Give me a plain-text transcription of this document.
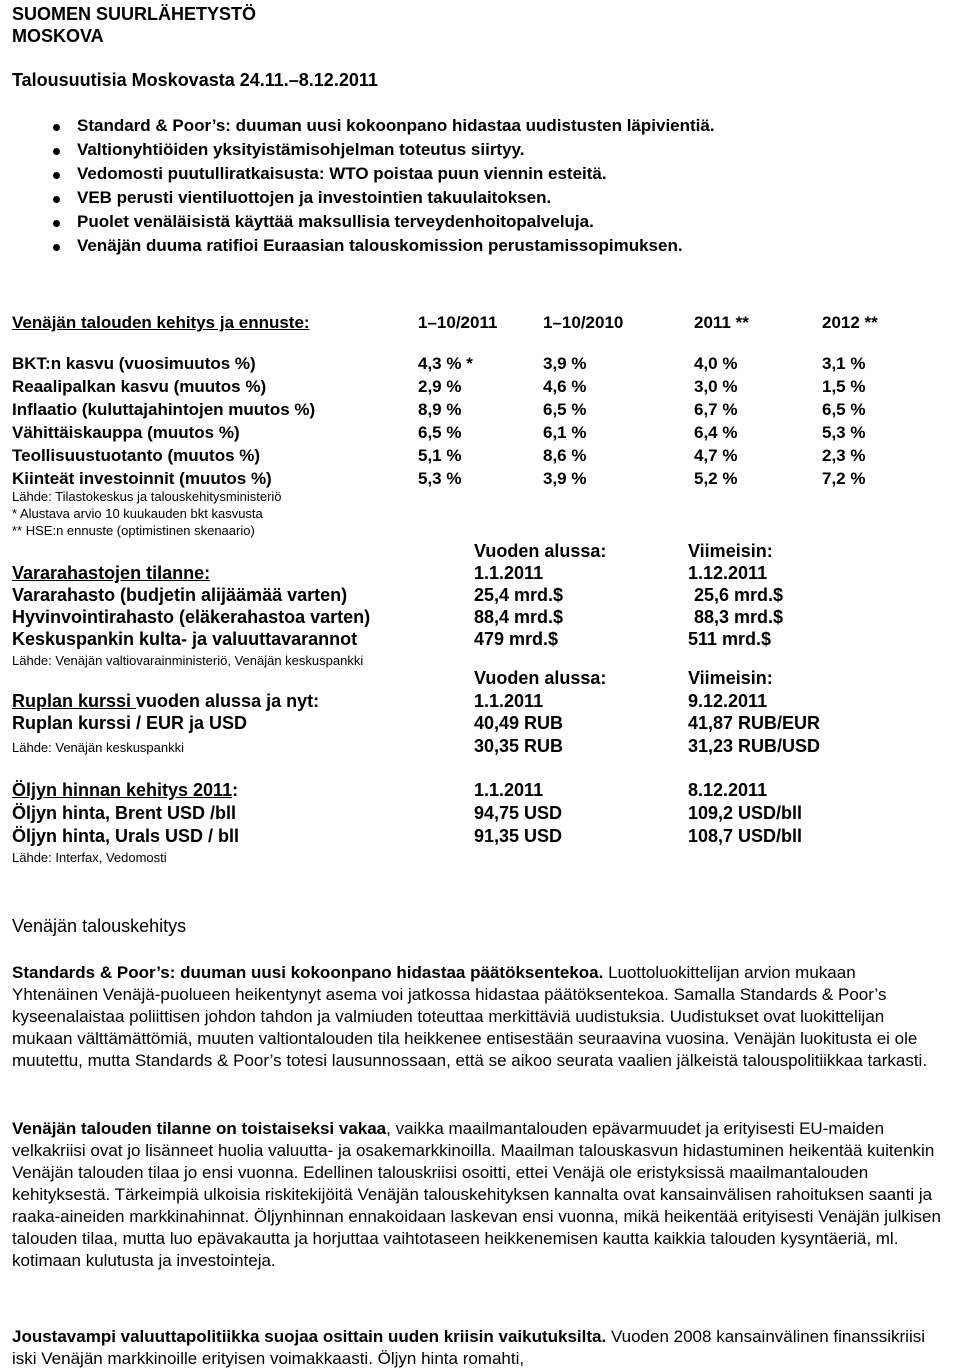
SUOMEN SUURLÄHETYSTÖ
MOSKOVA
Talousuutisia Moskovasta 24.11.–8.12.2011
Standard & Poor’s: duuman uusi kokoonpano hidastaa uudistusten läpivientiä.
Valtionyhtiöiden yksityistämisohjelman toteutus siirtyy.
Vedomosti puutulliratkaisusta: WTO poistaa puun viennin esteitä.
VEB perusti vientiluottojen ja investointien takuulaitoksen.
Puolet venäläisistä käyttää maksullisia terveydenhoitopalveluja.
Venäjän duuma ratifioi Euraasian talouskomission perustamissopimuksen.
Venäjän talouden kehitys ja ennuste:	1–10/2011	1–10/2010	2011 **	2012 **
BKT:n kasvu (vuosimuutos %)	4,3 % *	3,9 %	4,0 %	3,1 %
Reaalipalkan kasvu (muutos %)	2,9 %	4,6 %	3,0 %	1,5 %
Inflaatio (kuluttajahintojen muutos %)	8,9 %	6,5 %	6,7 %	6,5 %
Vähittäiskauppa (muutos %)	6,5 %	6,1 %	6,4 %	5,3 %
Teollisuustuotanto (muutos %)	5,1 %	8,6 %	4,7 %	2,3 %
Kiinteät investoinnit (muutos %)	5,3 %	3,9 %	5,2 %	7,2 %
Lähde: Tilastokeskus ja talouskehitysministeriö
* Alustava arvio 10 kuukauden bkt kasvusta
** HSE:n ennuste (optimistinen skenaario)
Vuoden alussa:	Viimeisin:
Vararahastojen tilanne:	1.1.2011	1.12.2011
Vararahasto (budjetin alijäämää varten)	25,4 mrd.$	25,6 mrd.$
Hyvinvointirahasto (eläkerahastoa varten)	88,4 mrd.$	88,3 mrd.$
Keskuspankin kulta- ja valuuttavarannot	479 mrd.$	511 mrd.$
Lähde: Venäjän valtiovarainministeriö, Venäjän keskuspankki
Vuoden alussa:	Viimeisin:
Ruplan kurssi vuoden alussa ja nyt:	1.1.2011	9.12.2011
Ruplan kurssi / EUR ja USD	40,49 RUB	41,87 RUB/EUR
Lähde: Venäjän keskuspankki	30,35 RUB	31,23 RUB/USD
Öljyn hinnan kehitys 2011:	1.1.2011	8.12.2011
Öljyn hinta, Brent USD /bll	94,75 USD	109,2 USD/bll
Öljyn hinta, Urals USD / bll	91,35 USD	108,7 USD/bll
Lähde: Interfax, Vedomosti
Venäjän talouskehitys

Standards & Poor’s: duuman uusi kokoonpano hidastaa päätöksentekoa. Luottoluokittelijan arvion mukaan Yhtenäinen Venäjä-puolueen heikentynyt asema voi jatkossa hidastaa päätöksentekoa. Samalla Standards & Poor’s kyseenalaistaa poliittisen johdon tahdon ja valmiuden toteuttaa merkittäviä uudistuksia. Uudistukset ovat luokittelijan mukaan välttämättömiä, muuten valtiontalouden tila heikkenee entisestään seuraavina vuosina. Venäjän luokitusta ei ole muutettu, mutta Standards & Poor’s totesi lausunnossaan, että se aikoo seurata vaalien jälkeistä talouspolitiikkaa tarkasti.

Venäjän talouden tilanne on toistaiseksi vakaa, vaikka maailmantalouden epävarmuudet ja erityisesti EU-maiden velkakriisi ovat jo lisänneet huolia valuutta- ja osakemarkkinoilla. Maailman talouskasvun hidastuminen heikentää kuitenkin Venäjän talouden tilaa jo ensi vuonna. Edellinen talouskriisi osoitti, ettei Venäjä ole eristyksissä maailmantalouden kehityksestä. Tärkeimpiä ulkoisia riskitekijöitä Venäjän talouskehityksen kannalta ovat kansainvälisen rahoituksen saanti ja raaka-aineiden markkinahinnat. Öljynhinnan ennakoidaan laskevan ensi vuonna, mikä heikentää erityisesti Venäjän julkisen talouden tilaa, mutta luo epävakautta ja horjuttaa vaihtotaseen heikkenemisen kautta kaikkia talouden kysyntäeriä, ml. kotimaan kulutusta ja investointeja.

Joustavampi valuuttapolitiikka suojaa osittain uuden kriisin vaikutuksilta. Vuoden 2008 kansainvälinen finanssikriisi iski Venäjän markkinoille erityisen voimakkaasti. Öljyn hinta romahti,
